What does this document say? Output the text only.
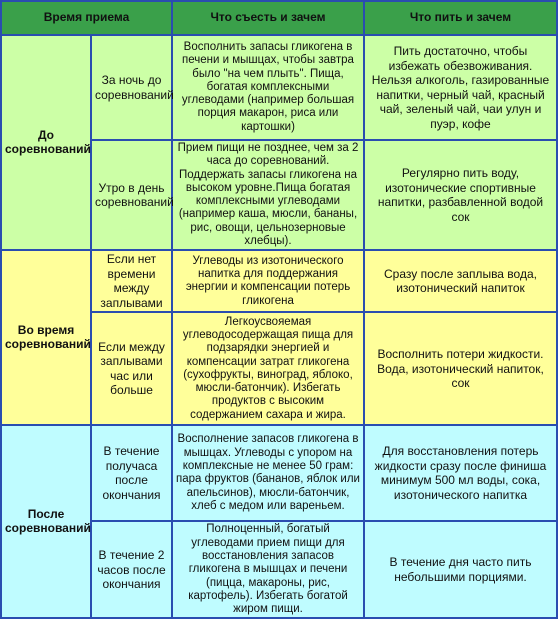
Время приема		Что съесть и зачем	Что пить и зачем
До соревнований	За ночь до соревнований	Восполнить запасы гликогена в печени и мышцах, чтобы завтра было "на чем плыть". Пища, богатая комплексными углеводами (например большая порция макарон, риса или картошки)	Пить достаточно, чтобы избежать обезвоживания. Нельзя алкоголь, газированные напитки, черный чай, красный чай, зеленый чай, чаи улун и пуэр, кофе
	Утро в день соревнований	Прием пищи не позднее, чем за 2 часа до соревнований. Поддержать запасы гликогена на высоком уровне.Пища богатая комплексными углеводами (например каша, мюсли, бананы, рис, овощи, цельнозерновые хлебцы).	Регулярно пить воду, изотонические спортивные напитки, разбавленной водой сок
Во время соревнований	Если нет времени между заплывами	Углеводы из изотонического напитка для поддержания энергии и компенсации потерь гликогена	Сразу после заплыва вода, изотонический напиток
	Если между заплывами час или больше	Легкоусвояемая углеводосодержащая пища для подзарядки энергией и компенсации затрат гликогена (сухофрукты, виноград, яблоко, мюсли-батончик). Избегать продуктов с высоким содержанием сахара и жира.	Восполнить потери жидкости. Вода, изотонический напиток, сок
После соревнований	В течение получаса после окончания	Восполнение запасов гликогена в мышцах. Углеводы с упором на комплексные не менее 50 грам: пара фруктов (бананов, яблок или апельсинов), мюсли-батончик, хлеб с медом или вареньем.	Для восстановления потерь жидкости сразу после финиша минимум 500 мл воды, сока, изотонического напитка
	В течение 2 часов после окончания	Полноценный, богатый углеводами прием пищи для восстановления запасов гликогена в мышцах и печени (пицца, макароны, рис, картофель). Избегать богатой жиром пищи.	В течение дня часто пить небольшими порциями.
